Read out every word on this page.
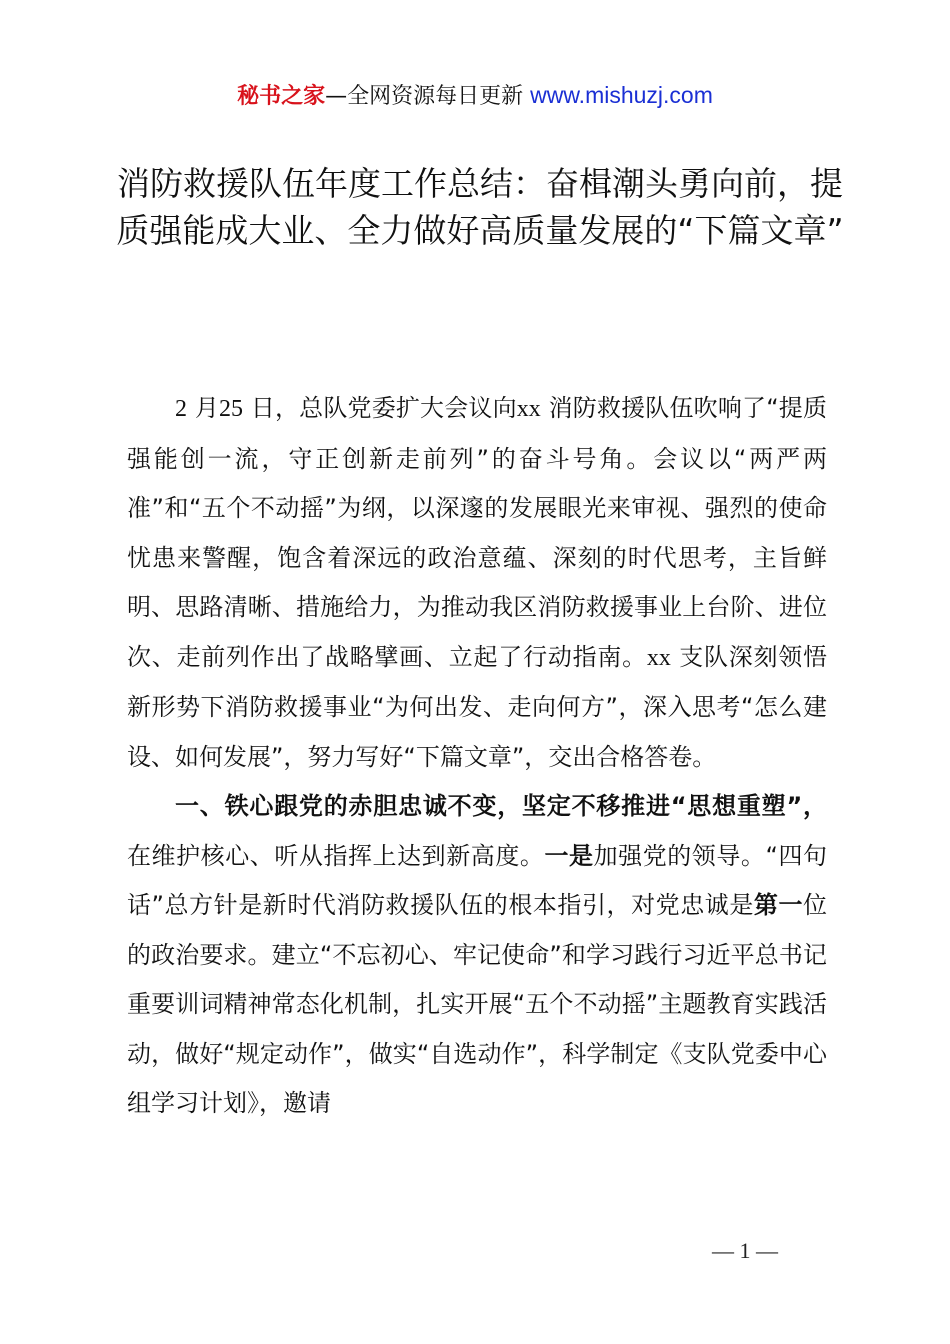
秘书之家—全网资源每日更新 www.mishuzj.com
消防救援队伍年度工作总结：奋楫潮头勇向前，提质强能成大业、全力做好高质量发展的“下篇文章”

2 月25 日，总队党委扩大会议向xx 消防救援队伍吹响了“提质强能创一流，守正创新走前列”的奋斗号角。会议以“两严两准”和“五个不动摇”为纲，以深邃的发展眼光来审视、强烈的使命忧患来警醒，饱含着深远的政治意蕴、深刻的时代思考，主旨鲜明、思路清晰、措施给力，为推动我区消防救援事业上台阶、进位次、走前列作出了战略擘画、立起了行动指南。xx 支队深刻领悟新形势下消防救援事业“为何出发、走向何方”，深入思考“怎么建设、如何发展”，努力写好“下篇文章”，交出合格答卷。

一、铁心跟党的赤胆忠诚不变，坚定不移推进“思想重塑”，在维护核心、听从指挥上达到新高度。一是加强党的领导。“四句话”总方针是新时代消防救援队伍的根本指引，对党忠诚是第一位的政治要求。建立“不忘初心、牢记使命”和学习践行习近平总书记重要训词精神常态化机制，扎实开展“五个不动摇”主题教育实践活动，做好“规定动作”，做实“自选动作”，科学制定《支队党委中心组学习计划》，邀请

— 1 —
